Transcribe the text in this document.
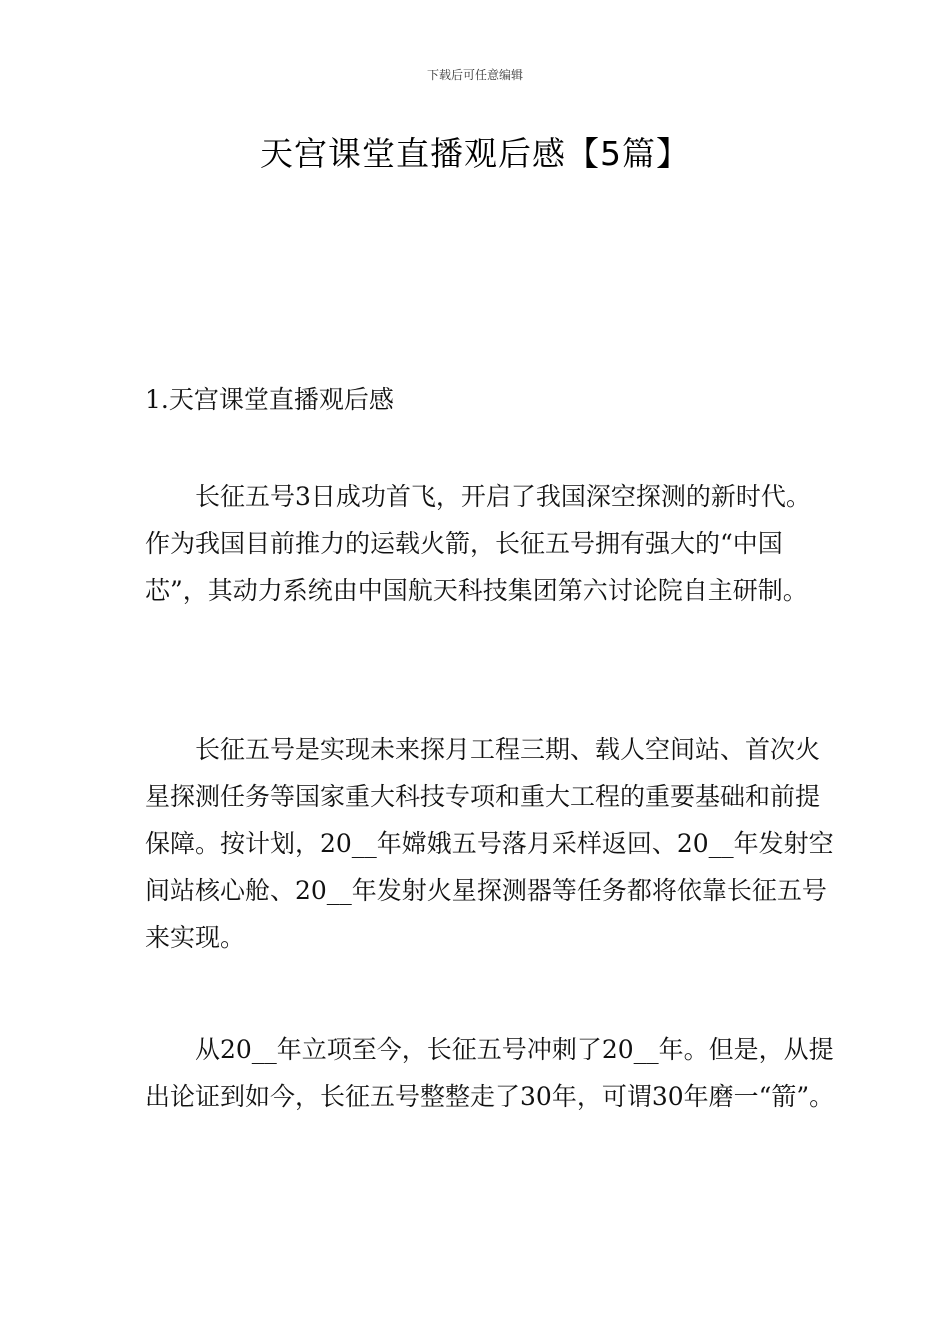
下载后可任意编辑
天宫课堂直播观后感【5篇】
1.天宫课堂直播观后感

长征五号3日成功首飞，开启了我国深空探测的新时代。作为我国目前推力的运载火箭，长征五号拥有强大的“中国芯”，其动力系统由中国航天科技集团第六讨论院自主研制。

长征五号是实现未来探月工程三期、载人空间站、首次火星探测任务等国家重大科技专项和重大工程的重要基础和前提保障。按计划，20__年嫦娥五号落月采样返回、20__年发射空间站核心舱、20__年发射火星探测器等任务都将依靠长征五号来实现。

从20__年立项至今，长征五号冲刺了20__年。但是，从提出论证到如今，长征五号整整走了30年，可谓30年磨一“箭”。
